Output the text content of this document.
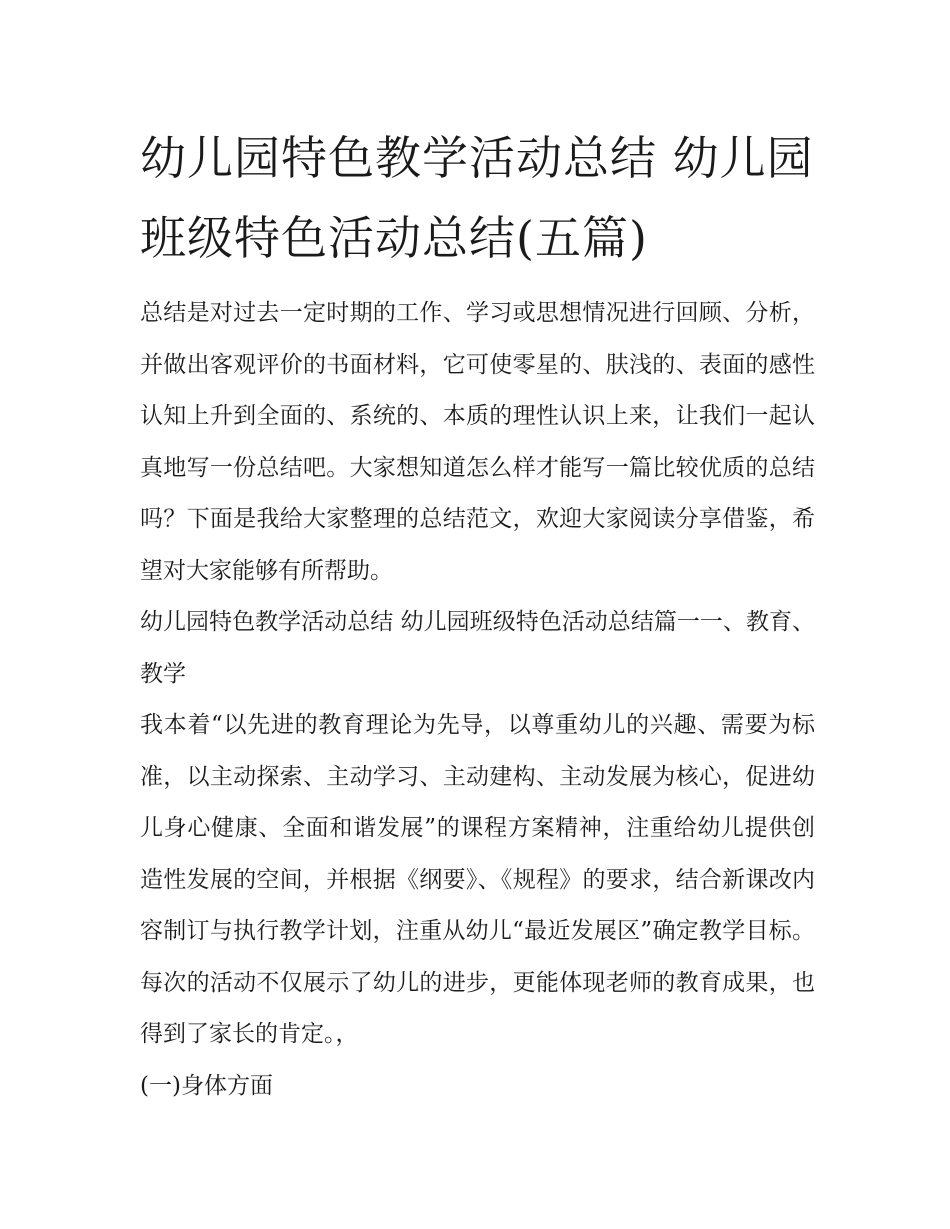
幼儿园特色教学活动总结 幼儿园班级特色活动总结(五篇)

总结是对过去一定时期的工作、学习或思想情况进行回顾、分析，并做出客观评价的书面材料，它可使零星的、肤浅的、表面的感性认知上升到全面的、系统的、本质的理性认识上来，让我们一起认真地写一份总结吧。大家想知道怎么样才能写一篇比较优质的总结吗？下面是我给大家整理的总结范文，欢迎大家阅读分享借鉴，希望对大家能够有所帮助。

幼儿园特色教学活动总结 幼儿园班级特色活动总结篇一一、教育、教学

我本着“以先进的教育理论为先导，以尊重幼儿的兴趣、需要为标准，以主动探索、主动学习、主动建构、主动发展为核心，促进幼儿身心健康、全面和谐发展”的课程方案精神，注重给幼儿提供创造性发展的空间，并根据《纲要》、《规程》的要求，结合新课改内容制订与执行教学计划，注重从幼儿“最近发展区”确定教学目标。每次的活动不仅展示了幼儿的进步，更能体现老师的教育成果，也得到了家长的肯定。，

(一)身体方面
